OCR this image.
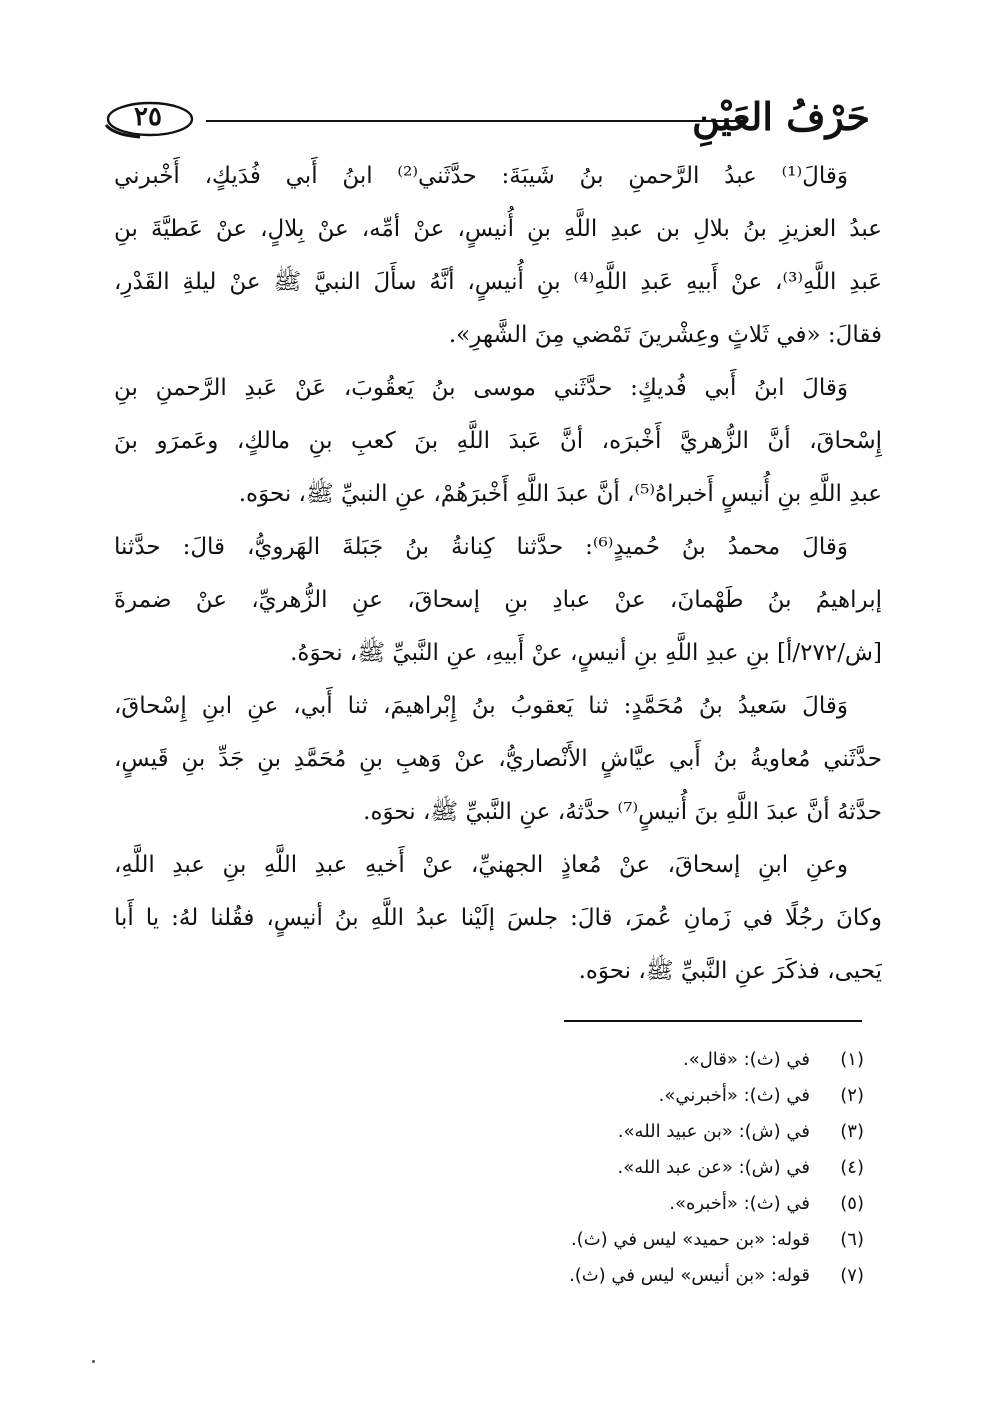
٢٥	حَرْفُ العَيْنِ
وَقالَ⁽¹⁾ عبدُ الرَّحمنِ بنُ شَيبَةَ: حدَّثَني⁽²⁾ ابنُ أَبي فُدَيكٍ، أَخْبرني
عبدُ العزيزِ بنُ بلالِ بن عبدِ اللَّهِ بنِ أُنيسٍ، عنْ أمِّه، عنْ بِلالٍ، عنْ عَطيَّةَ بنِ
عَبدِ اللَّهِ⁽³⁾، عنْ أَبيهِ عَبدِ اللَّهِ⁽⁴⁾ بنِ أُنيسٍ، أنَّهُ سأَلَ النبيَّ ﷺ عنْ ليلةِ القَدْرِ،
فقالَ: «في ثَلاثٍ وعِشْرينَ تَمْضي مِنَ الشَّهرِ».
وَقالَ ابنُ أَبي فُديكٍ: حدَّثَني موسى بنُ يَعقُوبَ، عَنْ عَبدِ الرَّحمنِ بنِ
إِسْحاقَ، أنَّ الزُّهريَّ أَخْبرَه، أنَّ عَبدَ اللَّهِ بنَ كعبِ بنِ مالكٍ، وعَمرَو بنَ
عبدِ اللَّهِ بنِ أُنيسٍ أَخبراهُ⁽⁵⁾، أنَّ عبدَ اللَّهِ أَخْبرَهُمْ، عنِ النبيِّ ﷺ، نحوَه.
وَقالَ محمدُ بنُ حُميدٍ⁽⁶⁾: حدَّثنا كِنانةُ بنُ جَبَلةَ الهَرويُّ، قالَ: حدَّثنا
إبراهيمُ بنُ طَهْمانَ، عنْ عبادِ بنِ إسحاقَ، عنِ الزُّهريِّ، عنْ ضمرةَ
[ش/٢٧٢/أ] بنِ عبدِ اللَّهِ بنِ أنيسٍ، عنْ أَبيهِ، عنِ النَّبيِّ ﷺ، نحوَهُ.
وَقالَ سَعيدُ بنُ مُحَمَّدٍ: ثنا يَعقوبُ بنُ إِبْراهيمَ، ثنا أَبي، عنِ ابنِ إِسْحاقَ،
حدَّثَني مُعاويةُ بنُ أَبي عيَّاشٍ الأَنْصاريُّ، عنْ وَهبِ بنِ مُحَمَّدِ بنِ جَدِّ بنِ قَيسٍ،
حدَّثهُ أنَّ عبدَ اللَّهِ بنَ أُنيسٍ⁽⁷⁾ حدَّثهُ، عنِ النَّبيِّ ﷺ، نحوَه.
وعنِ ابنِ إسحاقَ، عنْ مُعاذٍ الجهنيِّ، عنْ أَخيهِ عبدِ اللَّهِ بنِ عبدِ اللَّهِ،
وكانَ رجُلًا في زَمانِ عُمرَ، قالَ: جلسَ إلَيْنا عبدُ اللَّهِ بنُ أنيسٍ، فقُلنا لهُ: يا أَبا
يَحيى، فذكَرَ عنِ النَّبيِّ ﷺ، نحوَه.
(١)في (ث): «قال».
(٢)في (ث): «أخبرني».
(٣)في (ش): «بن عبيد الله».
(٤)في (ش): «عن عبد الله».
(٥)في (ث): «أخبره».
(٦)قوله: «بن حميد» ليس في (ث).
(٧)قوله: «بن أنيس» ليس في (ث).
